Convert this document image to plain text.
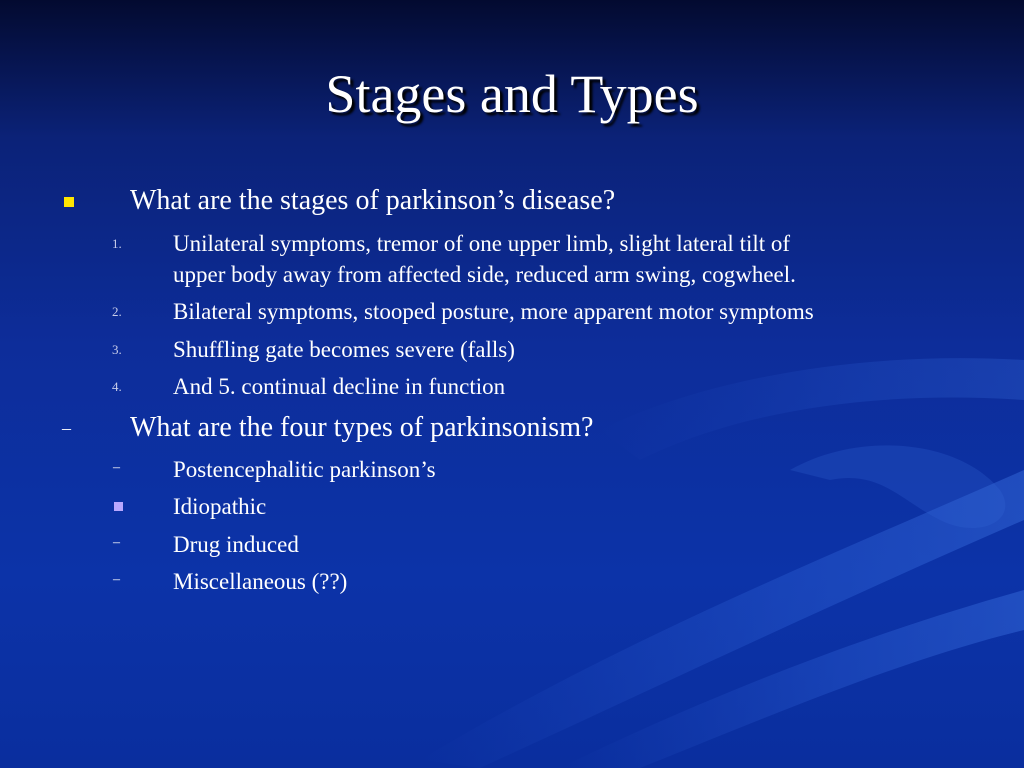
Stages and Types
What are the stages of parkinson’s disease?
1. Unilateral symptoms, tremor of one upper limb, slight lateral tilt of
upper body away from affected side, reduced arm swing, cogwheel.
2. Bilateral symptoms, stooped posture, more apparent motor symptoms
3. Shuffling gate becomes severe (falls)
4. And 5. continual decline in function
– What are the four types of parkinsonism?
– Postencephalitic parkinson’s
Idiopathic
– Drug induced
– Miscellaneous (??)
